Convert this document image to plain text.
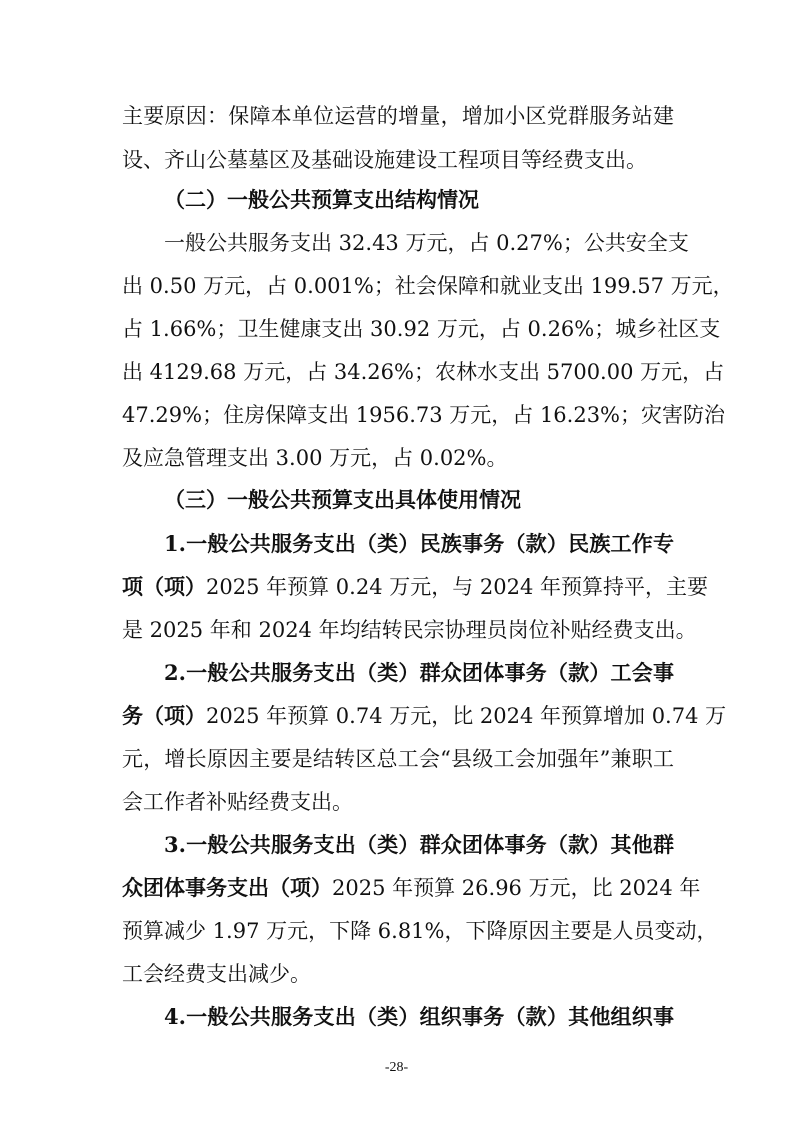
主要原因：保障本单位运营的增量，增加小区党群服务站建
设、齐山公墓墓区及基础设施建设工程项目等经费支出。
（二）一般公共预算支出结构情况
一般公共服务支出 32.43 万元，占 0.27%；公共安全支
出 0.50 万元，占 0.001%；社会保障和就业支出 199.57 万元，
占 1.66%；卫生健康支出 30.92 万元，占 0.26%；城乡社区支
出 4129.68 万元，占 34.26%；农林水支出 5700.00 万元，占
47.29%；住房保障支出 1956.73 万元，占 16.23%；灾害防治
及应急管理支出 3.00 万元，占 0.02%。
（三）一般公共预算支出具体使用情况
1.一般公共服务支出（类）民族事务（款）民族工作专
项（项）2025 年预算 0.24 万元，与 2024 年预算持平，主要
是 2025 年和 2024 年均结转民宗协理员岗位补贴经费支出。
2.一般公共服务支出（类）群众团体事务（款）工会事
务（项）2025 年预算 0.74 万元，比 2024 年预算增加 0.74 万
元，增长原因主要是结转区总工会“县级工会加强年”兼职工
会工作者补贴经费支出。
3.一般公共服务支出（类）群众团体事务（款）其他群
众团体事务支出（项）2025 年预算 26.96 万元，比 2024 年
预算减少 1.97 万元，下降 6.81%，下降原因主要是人员变动，
工会经费支出减少。
4.一般公共服务支出（类）组织事务（款）其他组织事
-28-
